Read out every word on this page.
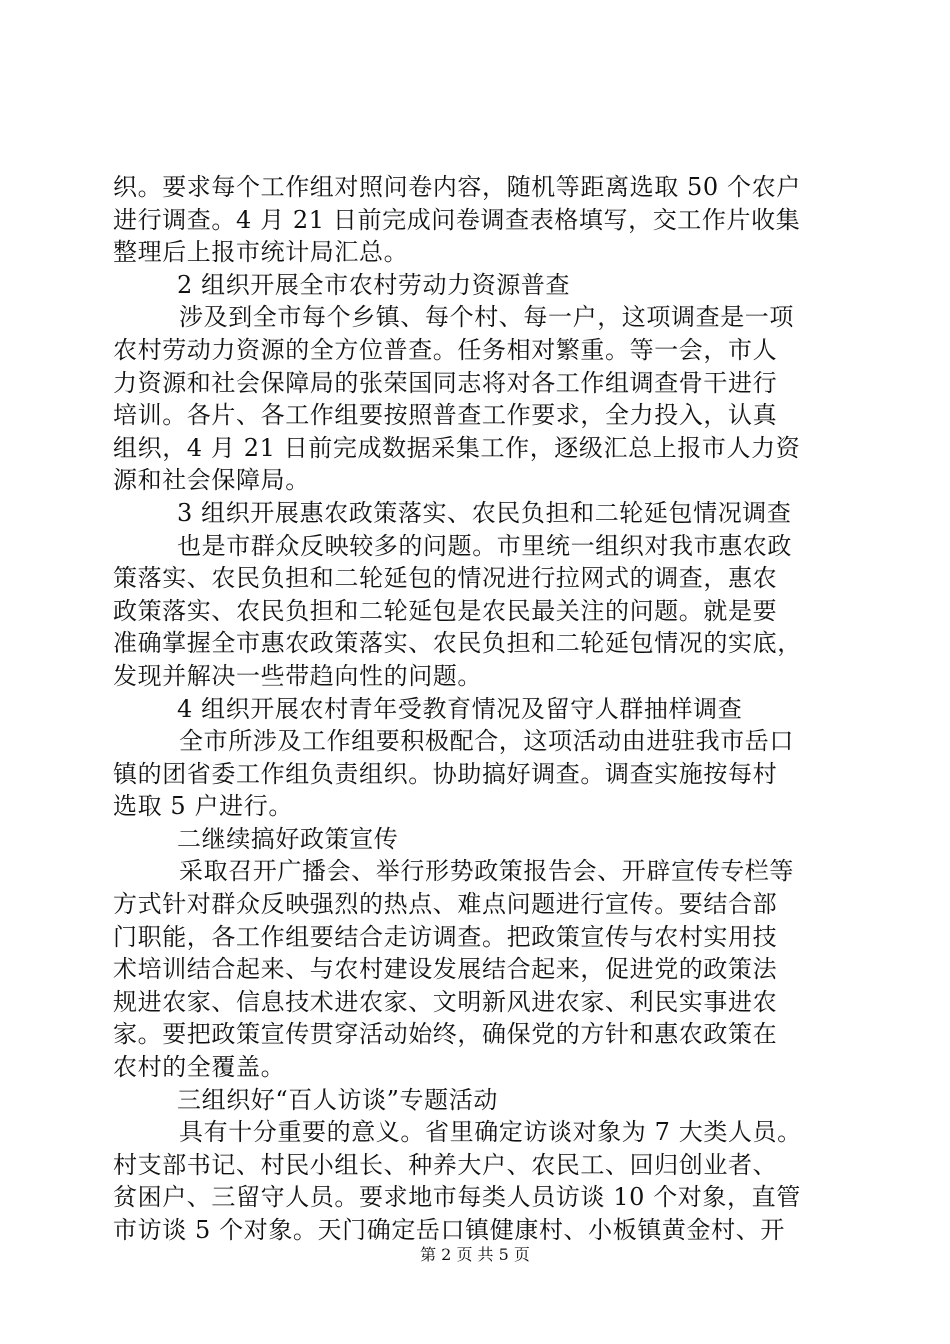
织。要求每个工作组对照问卷内容，随机等距离选取 50 个农户
进行调查。4 月 21 日前完成问卷调查表格填写，交工作片收集
整理后上报市统计局汇总。
2 组织开展全市农村劳动力资源普查
涉及到全市每个乡镇、每个村、每一户，这项调查是一项
农村劳动力资源的全方位普查。任务相对繁重。等一会，市人
力资源和社会保障局的张荣国同志将对各工作组调查骨干进行
培训。各片、各工作组要按照普查工作要求，全力投入，认真
组织，4 月 21 日前完成数据采集工作，逐级汇总上报市人力资
源和社会保障局。
3 组织开展惠农政策落实、农民负担和二轮延包情况调查
也是市群众反映较多的问题。市里统一组织对我市惠农政
策落实、农民负担和二轮延包的情况进行拉网式的调查，惠农
政策落实、农民负担和二轮延包是农民最关注的问题。就是要
准确掌握全市惠农政策落实、农民负担和二轮延包情况的实底，
发现并解决一些带趋向性的问题。
4 组织开展农村青年受教育情况及留守人群抽样调查
全市所涉及工作组要积极配合，这项活动由进驻我市岳口
镇的团省委工作组负责组织。协助搞好调查。调查实施按每村
选取 5 户进行。
二继续搞好政策宣传
采取召开广播会、举行形势政策报告会、开辟宣传专栏等
方式针对群众反映强烈的热点、难点问题进行宣传。要结合部
门职能，各工作组要结合走访调查。把政策宣传与农村实用技
术培训结合起来、与农村建设发展结合起来，促进党的政策法
规进农家、信息技术进农家、文明新风进农家、利民实事进农
家。要把政策宣传贯穿活动始终，确保党的方针和惠农政策在
农村的全覆盖。
三组织好“百人访谈”专题活动
具有十分重要的意义。省里确定访谈对象为 7 大类人员。
村支部书记、村民小组长、种养大户、农民工、回归创业者、
贫困户、三留守人员。要求地市每类人员访谈 10 个对象，直管
市访谈 5 个对象。天门确定岳口镇健康村、小板镇黄金村、开
第 2 页 共 5 页
